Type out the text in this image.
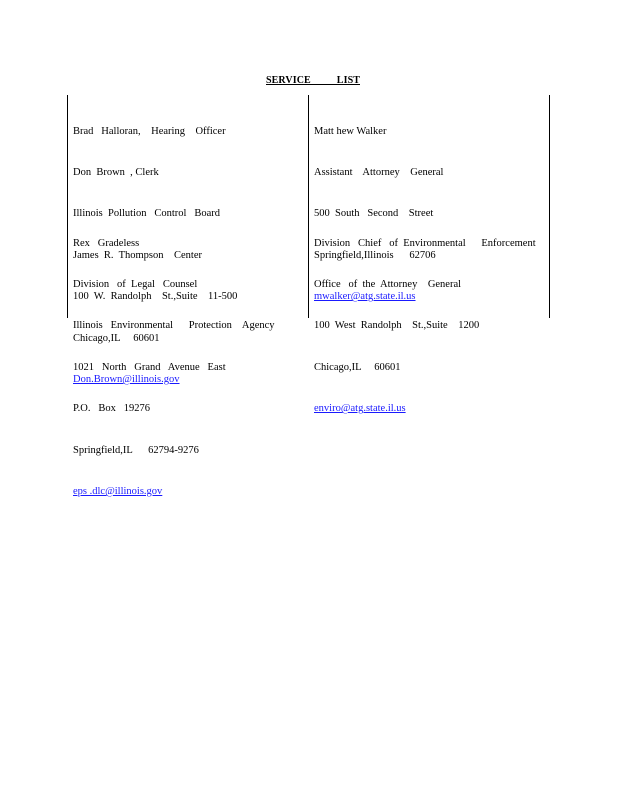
SERVICE          LIST

Brad   Halloran,    Hearing    Officer

Don  Brown  , Clerk

Illinois  Pollution   Control   Board

James  R.  Thompson    Center

100  W.  Randolph    St.,Suite    11-500

Chicago,IL     60601

Don.Brown@illinois.gov

Matt hew Walker

Assistant    Attorney    General

500  South   Second    Street

Springfield,Illinois      62706

mwalker@atg.state.il.us

Rex   Gradeless

Division   of  Legal   Counsel

Illinois   Environmental      Protection    Agency

1021   North   Grand   Avenue   East

P.O.   Box   19276

Springfield,IL      62794-9276

eps .dlc@illinois.gov

Division   Chief   of  Environmental      Enforcement

Office   of  the  Attorney    General

100  West  Randolph    St.,Suite    1200

Chicago,IL     60601

enviro@atg.state.il.us
